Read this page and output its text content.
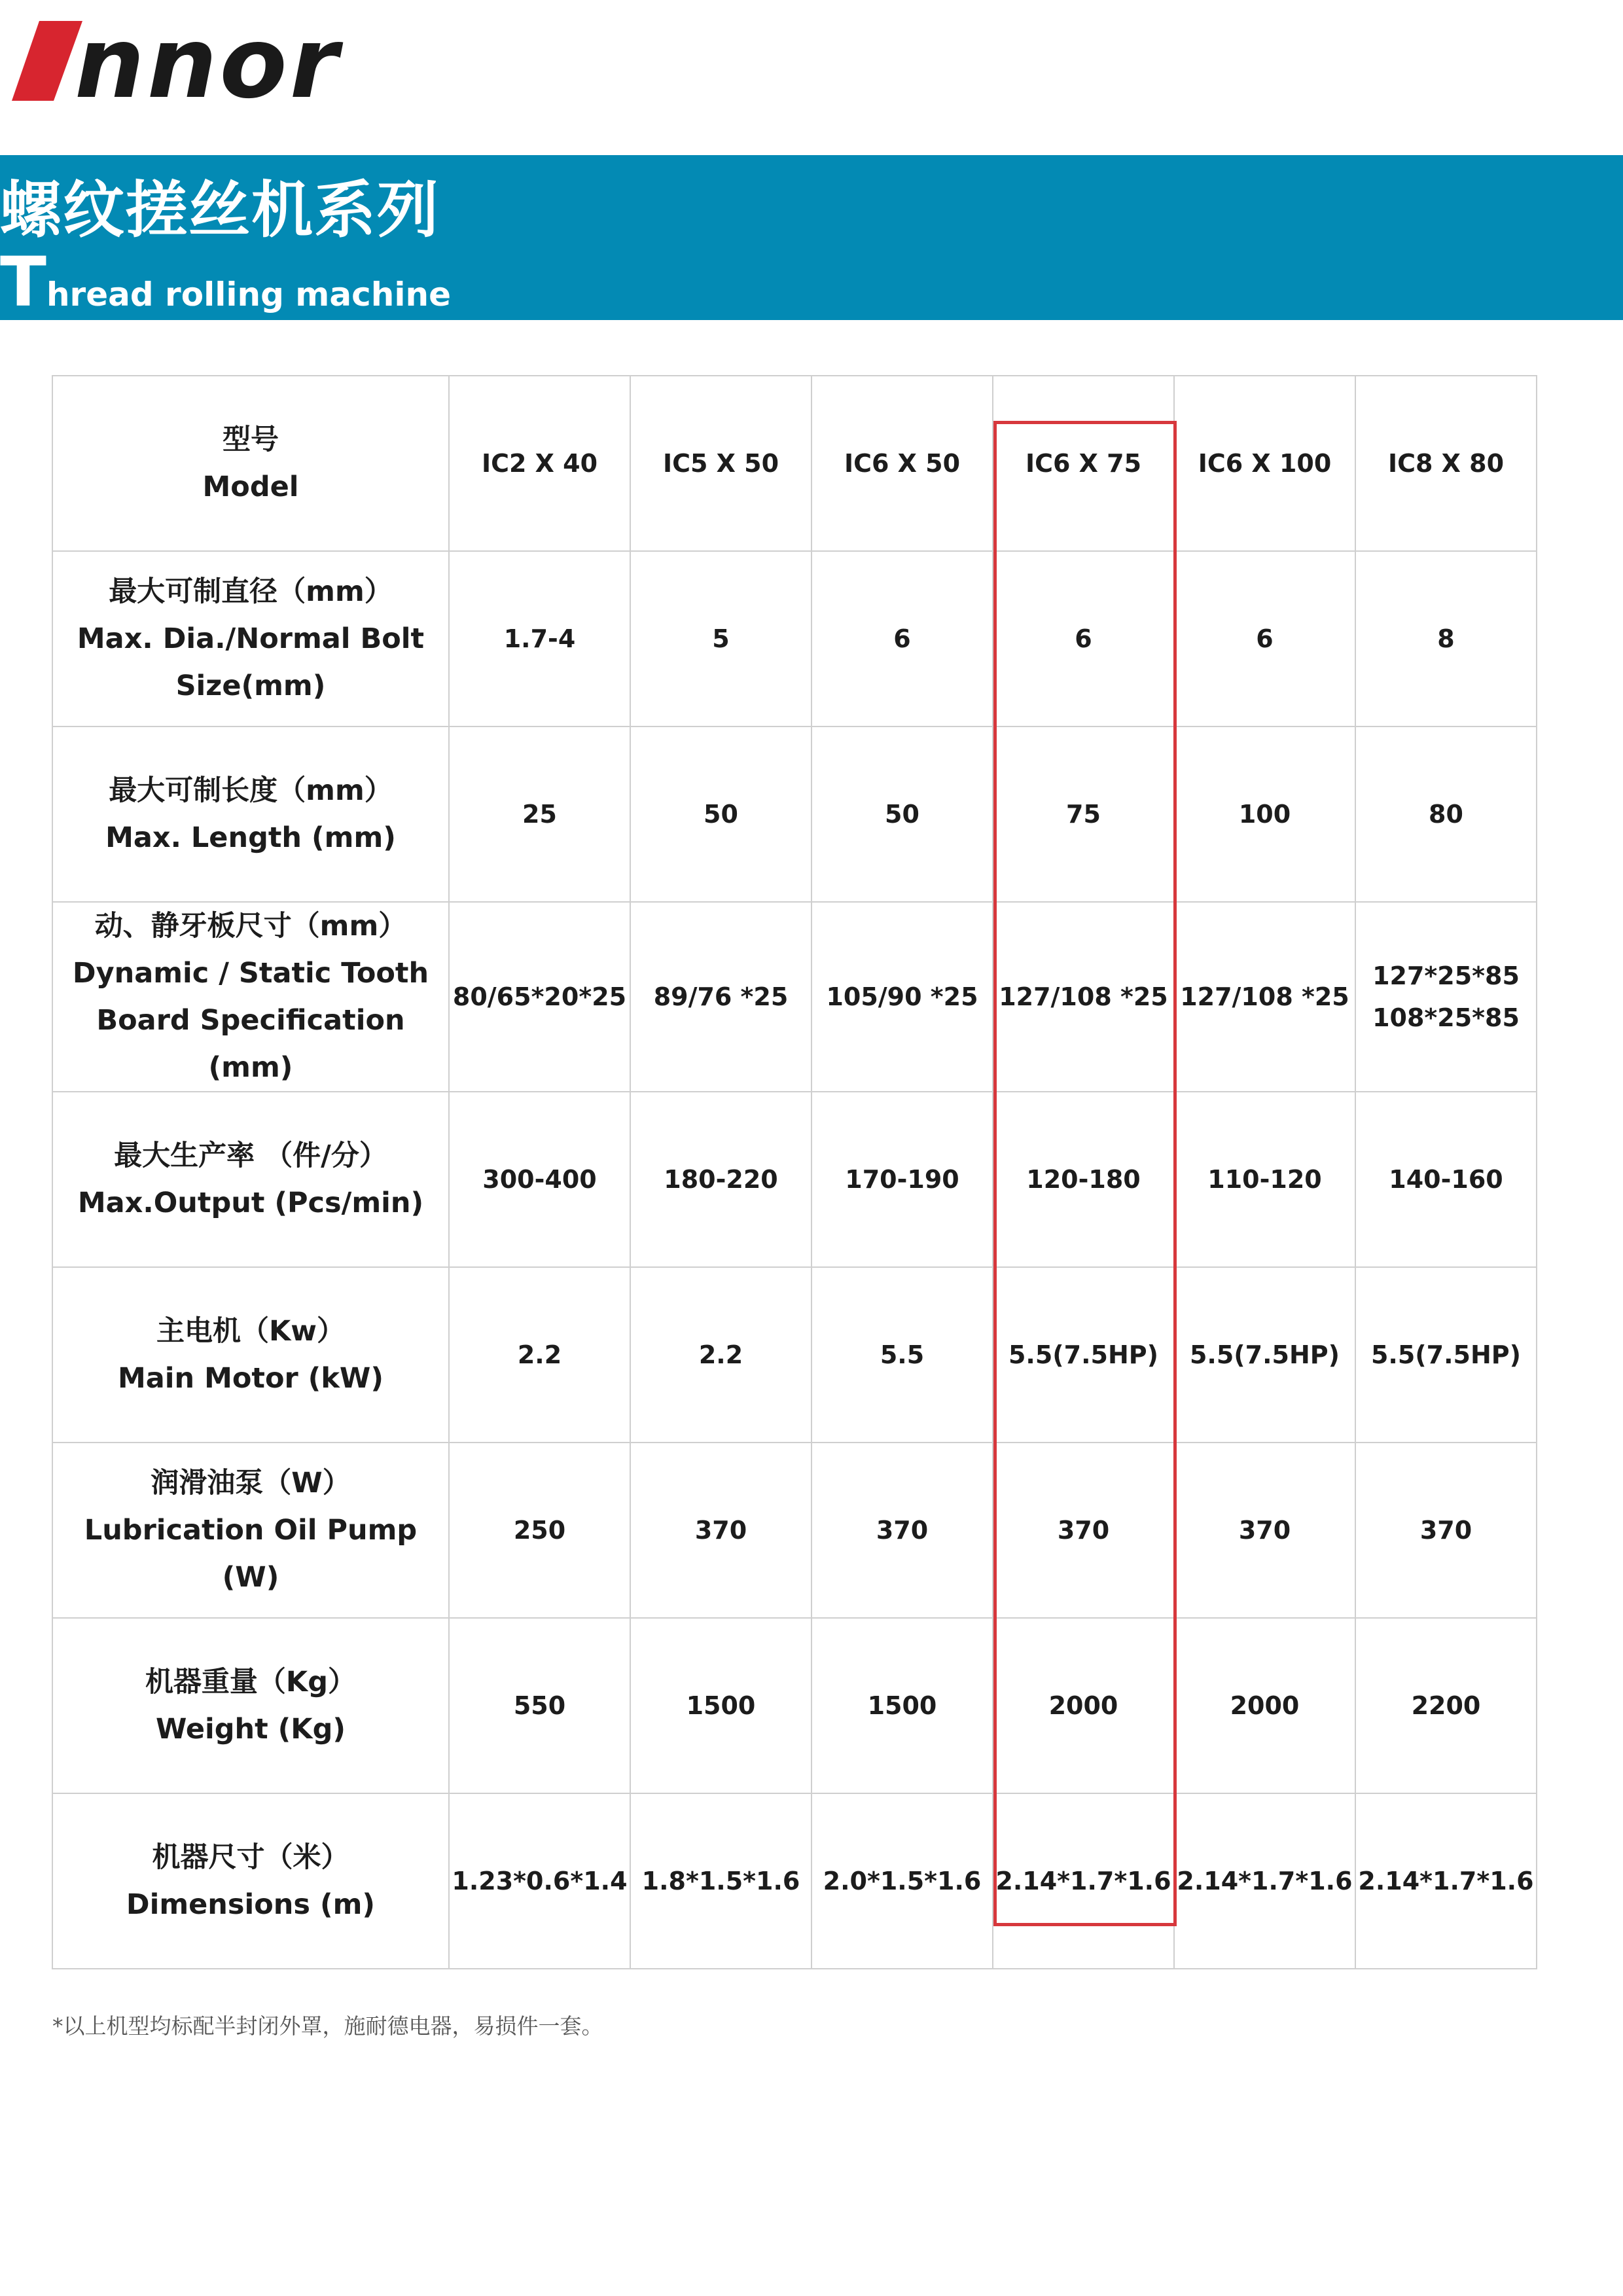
nnor
螺纹搓丝机系列
Thread rolling machine
型号
Model	IC2 X 40	IC5 X 50	IC6 X 50	IC6 X 75	IC6 X 100	IC8 X 80

最大可制直径（mm）
Max. Dia./Normal Bolt
Size(mm)	1.7-4	5	6	6	6	8

最大可制长度（mm）
Max. Length (mm)	25	50	50	75	100	80

动、静牙板尺寸（mm）
Dynamic / Static Tooth
Board Specification (mm)	80/65*20*25	89/76 *25	105/90 *25	127/108 *25	127/108 *25	127*25*85
108*25*85

最大生产率 （件/分）
Max.Output (Pcs/min)	300-400	180-220	170-190	120-180	110-120	140-160

主电机（Kw）
Main Motor (kW)	2.2	2.2	5.5	5.5(7.5HP)	5.5(7.5HP)	5.5(7.5HP)

润滑油泵（W）
Lubrication Oil Pump (W)	250	370	370	370	370	370

机器重量（Kg）
Weight (Kg)	550	1500	1500	2000	2000	2200

机器尺寸（米）
Dimensions (m)	1.23*0.6*1.4	1.8*1.5*1.6	2.0*1.5*1.6	2.14*1.7*1.6	2.14*1.7*1.6	2.14*1.7*1.6
*以上机型均标配半封闭外罩，施耐德电器，易损件一套。
